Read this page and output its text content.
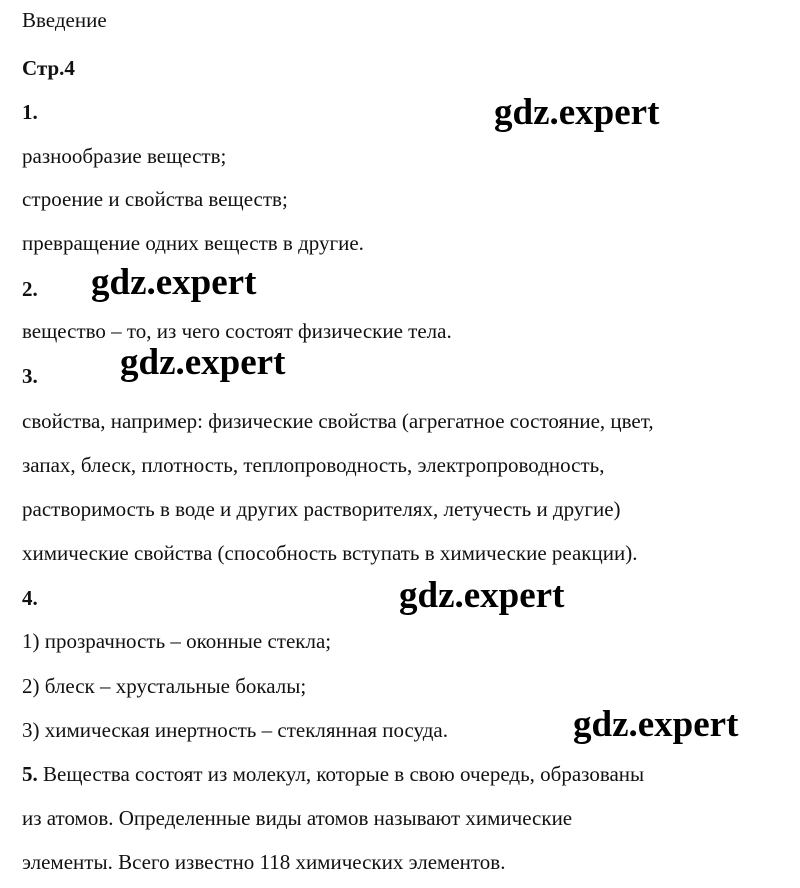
Введение
Стр.4
1.	gdz.expert
разнообразие веществ;
строение и свойства веществ;
превращение одних веществ в другие.
2. gdz.expert
вещество – то, из чего состоят физические тела.
3. gdz.expert
свойства, например: физические свойства (агрегатное состояние, цвет,
запах, блеск, плотность, теплопроводность, электропроводность,
растворимость в воде и других растворителях, летучесть и другие)
химические свойства (способность вступать в химические реакции).
4.	gdz.expert
1) прозрачность – оконные стекла;
2) блеск – хрустальные бокалы;
3) химическая инертность – стеклянная посуда.	gdz.expert
5. Вещества состоят из молекул, которые в свою очередь, образованы
из атомов. Определенные виды атомов называют химические
элементы. Всего известно 118 химических элементов.
